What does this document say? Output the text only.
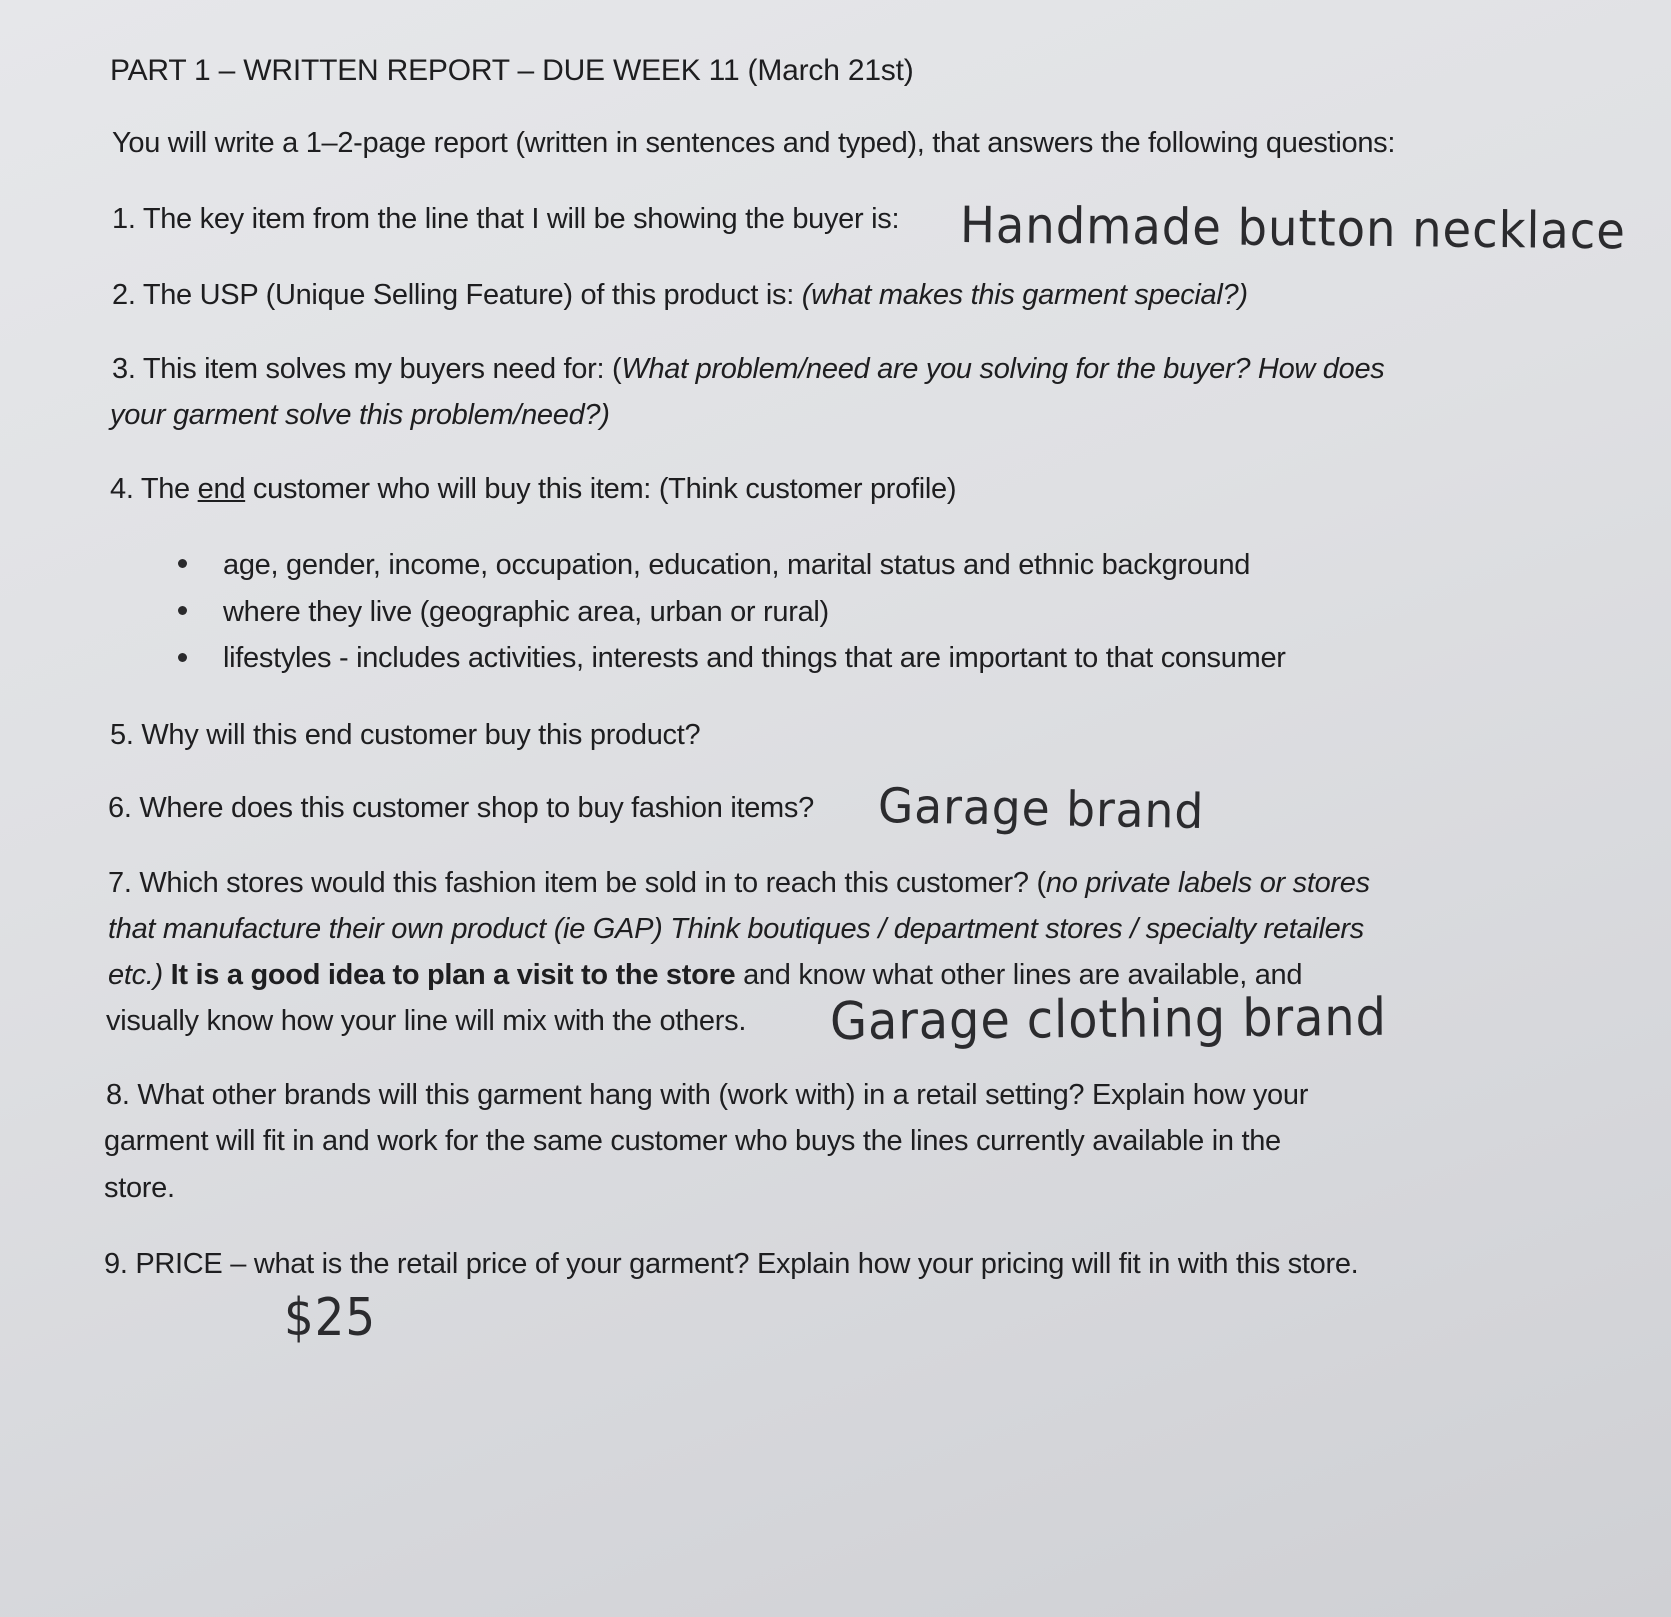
PART 1 – WRITTEN REPORT – DUE WEEK 11 (March 21st)
You will write a 1–2-page report (written in sentences and typed), that answers the following questions:
1. The key item from the line that I will be showing the buyer is: Handmade button necklace
2. The USP (Unique Selling Feature) of this product is: (what makes this garment special?)
3. This item solves my buyers need for: (What problem/need are you solving for the buyer? How does
your garment solve this problem/need?)
4. The end customer who will buy this item: (Think customer profile)
age, gender, income, occupation, education, marital status and ethnic background
where they live (geographic area, urban or rural)
lifestyles - includes activities, interests and things that are important to that consumer
5. Why will this end customer buy this product?
6. Where does this customer shop to buy fashion items? Garage brand
7. Which stores would this fashion item be sold in to reach this customer? (no private labels or stores
that manufacture their own product (ie GAP) Think boutiques / department stores / specialty retailers
etc.) It is a good idea to plan a visit to the store and know what other lines are available, and
visually know how your line will mix with the others. Garage clothing brand
8. What other brands will this garment hang with (work with) in a retail setting? Explain how your
garment will fit in and work for the same customer who buys the lines currently available in the
store.
9. PRICE – what is the retail price of your garment? Explain how your pricing will fit in with this store.
$25
